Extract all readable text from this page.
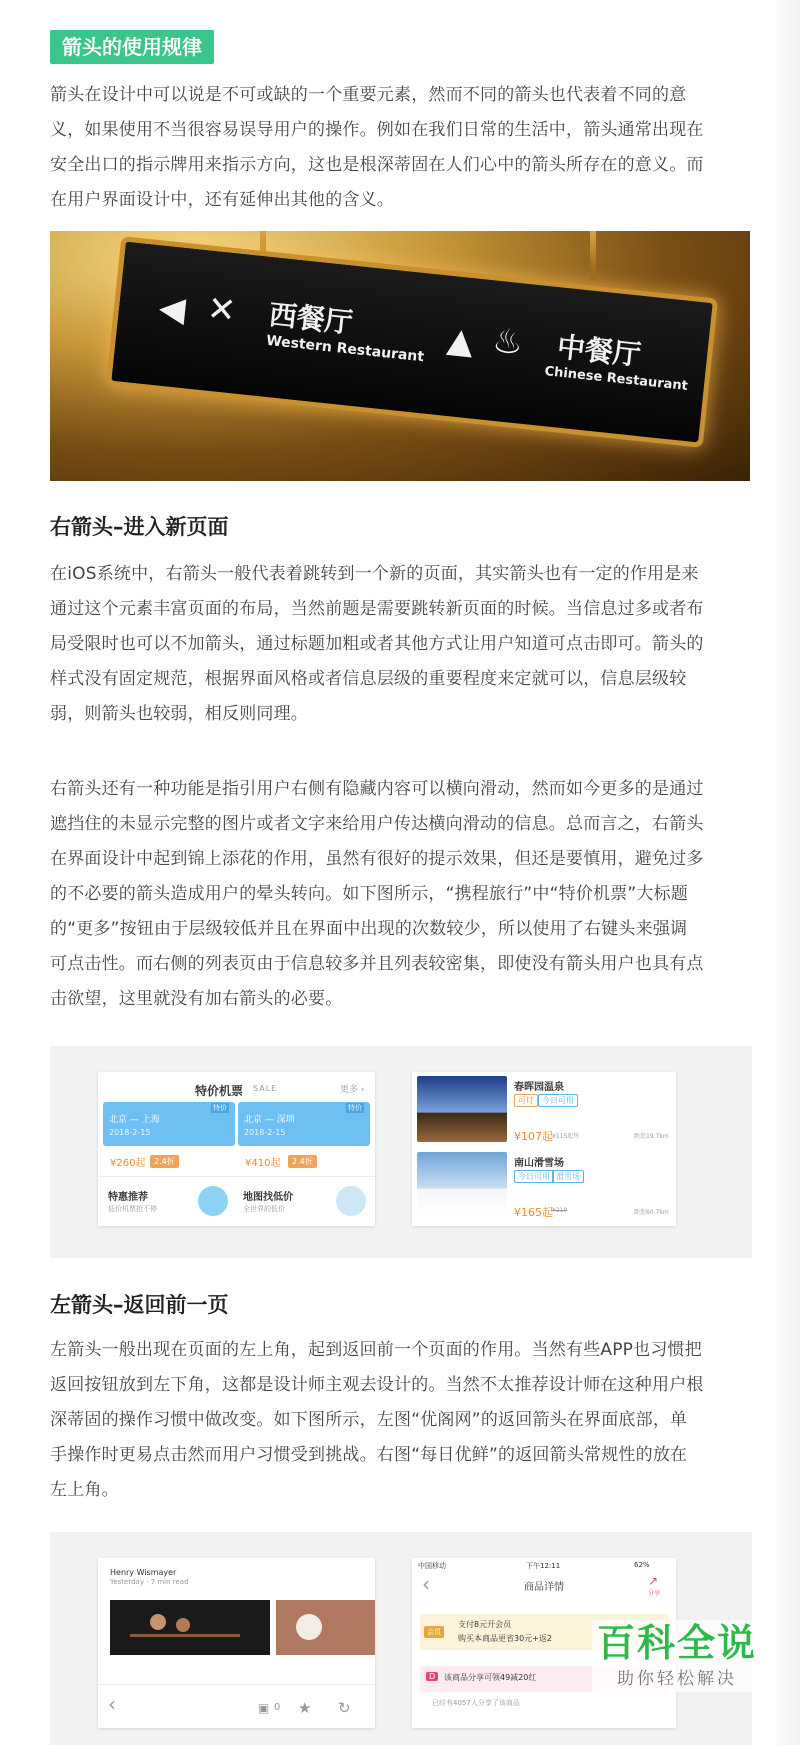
箭头的使用规律
箭头在设计中可以说是不可或缺的一个重要元素，然而不同的箭头也代表着不同的意
义，如果使用不当很容易误导用户的操作。例如在我们日常的生活中，箭头通常出现在
安全出口的指示牌用来指示方向，这也是根深蒂固在人们心中的箭头所存在的意义。而
在用户界面设计中，还有延伸出其他的含义。
◀ ✕ 西餐厅
Western Restaurant ▲ ♨ 中餐厅
Chinese Restaurant
右箭头–进入新页面
在iOS系统中，右箭头一般代表着跳转到一个新的页面，其实箭头也有一定的作用是来
通过这个元素丰富页面的布局，当然前题是需要跳转新页面的时候。当信息过多或者布
局受限时也可以不加箭头，通过标题加粗或者其他方式让用户知道可点击即可。箭头的
样式没有固定规范，根据界面风格或者信息层级的重要程度来定就可以，信息层级较
弱，则箭头也较弱，相反则同理。
右箭头还有一种功能是指引用户右侧有隐藏内容可以横向滑动，然而如今更多的是通过
遮挡住的未显示完整的图片或者文字来给用户传达横向滑动的信息。总而言之，右箭头
在界面设计中起到锦上添花的作用，虽然有很好的提示效果，但还是要慎用，避免过多
的不必要的箭头造成用户的晕头转向。如下图所示，“携程旅行”中“特价机票”大标题
的“更多”按钮由于层级较低并且在界面中出现的次数较少，所以使用了右键头来强调
可点击性。而右侧的列表页由于信息较多并且列表较密集，即使没有箭头用户也具有点
击欲望，这里就没有加右箭头的必要。
特价机票 SALE	更多 ›
特价
北京 — 上海
2018-2-15
¥260起	2.4折
特价
北京 — 深圳
2018-2-15
¥410起	2.4折
特惠推荐
低价机票抢不停
地图找低价
全世界的低价
春晖园温泉
可订	今日可用
¥107起 ¥115起售	距您19.7km
南山滑雪场
今日可用 滑雪场
¥165起 ¥210	距您60.7km
左箭头–返回前一页
左箭头一般出现在页面的左上角，起到返回前一个页面的作用。当然有些APP也习惯把
返回按钮放到左下角，这都是设计师主观去设计的。当然不太推荐设计师在这种用户根
深蒂固的操作习惯中做改变。如下图所示，左图“优阁网”的返回箭头在界面底部，单
手操作时更易点击然而用户习惯受到挑战。右图“每日优鲜”的返回箭头常规性的放在
左上角。
Henry Wismayer
Yesterday · 7 min read
‹	▣ 0 ★ ↻
中国移动	下午12:11	62%
‹	商品详情	↗
分享
会员
支付8元开会员
购买本商品更省30元+返2
D	该商品分享可领49减20红
已经有4057人分享了该商品
百科全说
助你轻松解决
